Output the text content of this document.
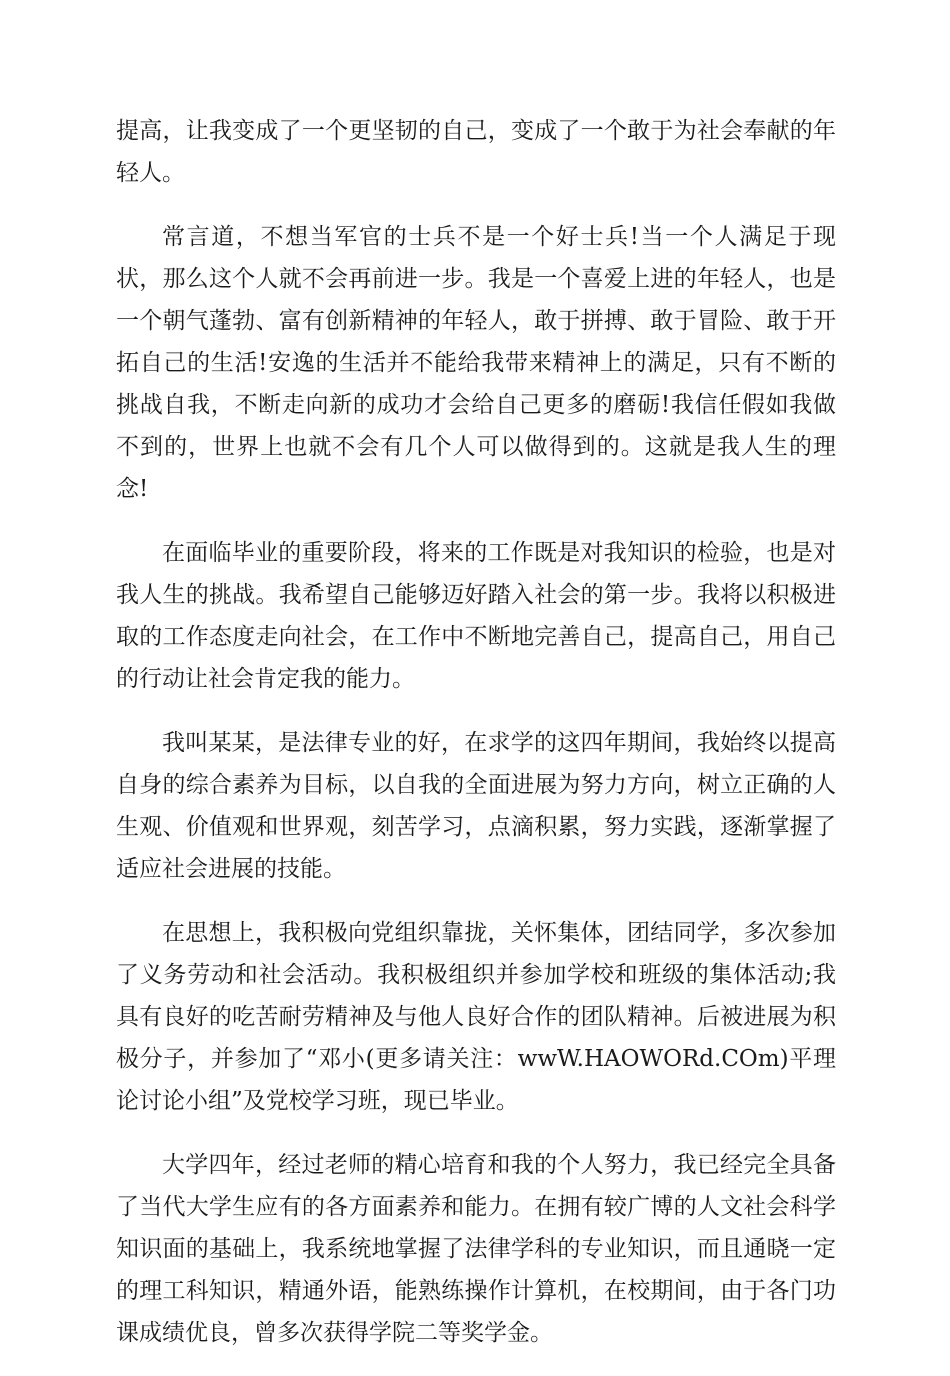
提高，让我变成了一个更坚韧的自己，变成了一个敢于为社会奉献的年轻人。

常言道，不想当军官的士兵不是一个好士兵!当一个人满足于现状，那么这个人就不会再前进一步。我是一个喜爱上进的年轻人，也是一个朝气蓬勃、富有创新精神的年轻人，敢于拼搏、敢于冒险、敢于开拓自己的生活!安逸的生活并不能给我带来精神上的满足，只有不断的挑战自我，不断走向新的成功才会给自己更多的磨砺!我信任假如我做不到的，世界上也就不会有几个人可以做得到的。这就是我人生的理念!

在面临毕业的重要阶段，将来的工作既是对我知识的检验，也是对我人生的挑战。我希望自己能够迈好踏入社会的第一步。我将以积极进取的工作态度走向社会，在工作中不断地完善自己，提高自己，用自己的行动让社会肯定我的能力。

我叫某某，是法律专业的好，在求学的这四年期间，我始终以提高自身的综合素养为目标，以自我的全面进展为努力方向，树立正确的人生观、价值观和世界观，刻苦学习，点滴积累，努力实践，逐渐掌握了适应社会进展的技能。

在思想上，我积极向党组织靠拢，关怀集体，团结同学，多次参加了义务劳动和社会活动。我积极组织并参加学校和班级的集体活动;我具有良好的吃苦耐劳精神及与他人良好合作的团队精神。后被进展为积极分子，并参加了“邓小(更多请关注：wwW.HAOWORd.COm)平理论讨论小组”及党校学习班，现已毕业。

大学四年，经过老师的精心培育和我的个人努力，我已经完全具备了当代大学生应有的各方面素养和能力。在拥有较广博的人文社会科学知识面的基础上，我系统地掌握了法律学科的专业知识，而且通晓一定的理工科知识，精通外语，能熟练操作计算机，在校期间，由于各门功课成绩优良，曾多次获得学院二等奖学金。
